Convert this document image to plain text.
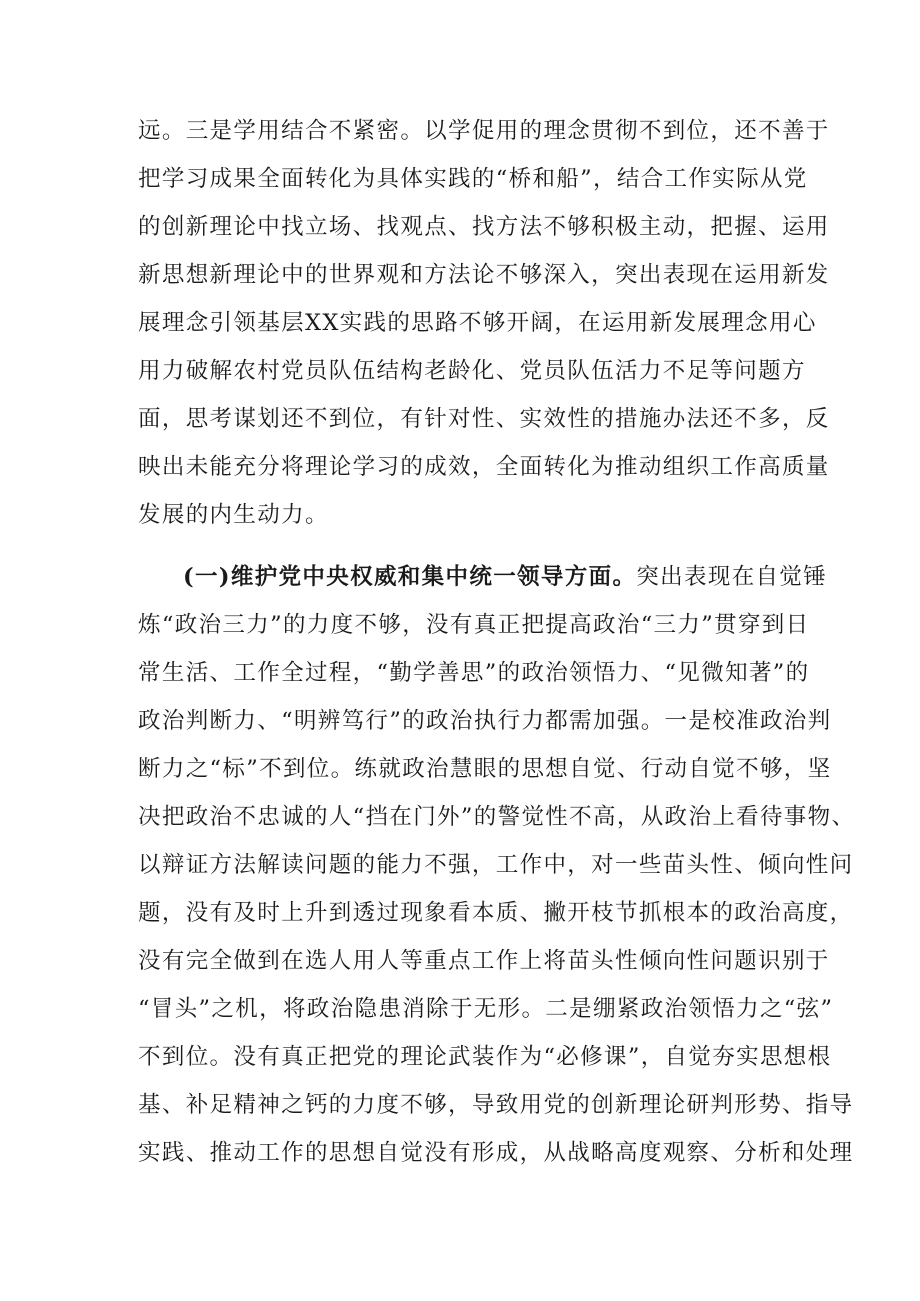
远。三是学用结合不紧密。以学促用的理念贯彻不到位，还不善于
把学习成果全面转化为具体实践的“桥和船”，结合工作实际从党
的创新理论中找立场、找观点、找方法不够积极主动，把握、运用
新思想新理论中的世界观和方法论不够深入，突出表现在运用新发
展理念引领基层XX实践的思路不够开阔，在运用新发展理念用心
用力破解农村党员队伍结构老龄化、党员队伍活力不足等问题方
面，思考谋划还不到位，有针对性、实效性的措施办法还不多，反
映出未能充分将理论学习的成效，全面转化为推动组织工作高质量
发展的内生动力。
(一)维护党中央权威和集中统一领导方面。突出表现在自觉锤
炼“政治三力”的力度不够，没有真正把提高政治“三力”贯穿到日
常生活、工作全过程，“勤学善思”的政治领悟力、“见微知著”的
政治判断力、“明辨笃行”的政治执行力都需加强。一是校准政治判
断力之“标”不到位。练就政治慧眼的思想自觉、行动自觉不够，坚
决把政治不忠诚的人“挡在门外”的警觉性不高，从政治上看待事物、
以辩证方法解读问题的能力不强，工作中，对一些苗头性、倾向性问
题，没有及时上升到透过现象看本质、撇开枝节抓根本的政治高度，
没有完全做到在选人用人等重点工作上将苗头性倾向性问题识别于
“冒头”之机，将政治隐患消除于无形。二是绷紧政治领悟力之“弦”
不到位。没有真正把党的理论武装作为“必修课”，自觉夯实思想根
基、补足精神之钙的力度不够，导致用党的创新理论研判形势、指导
实践、推动工作的思想自觉没有形成，从战略高度观察、分析和处理
